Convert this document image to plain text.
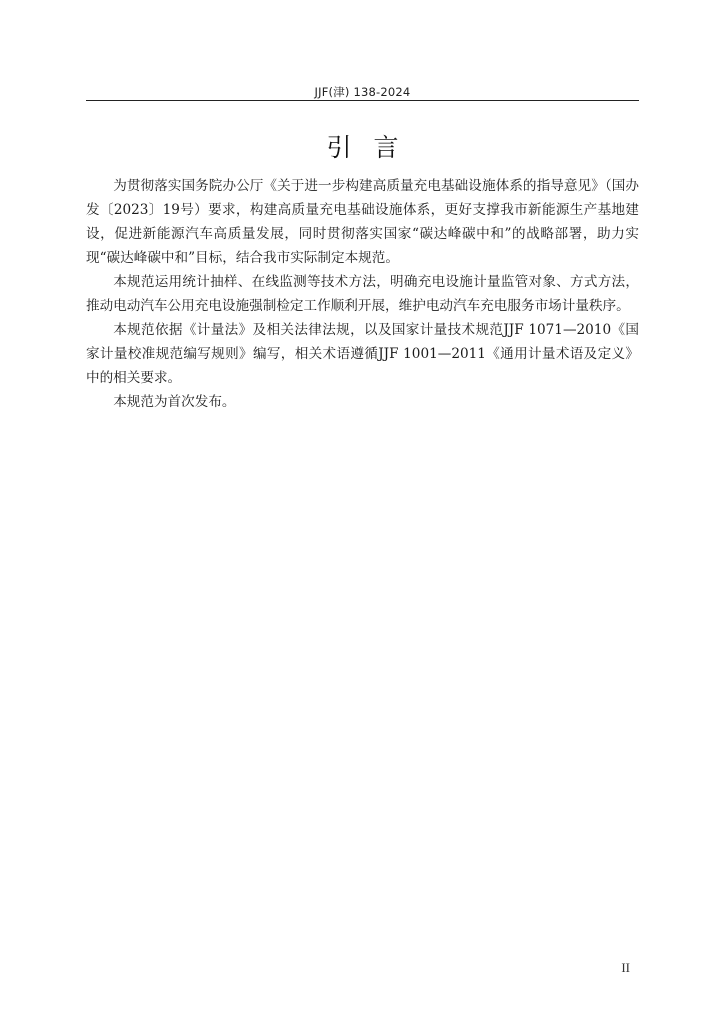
JJF(津) 138-2024
引言

为贯彻落实国务院办公厅《关于进一步构建高质量充电基础设施体系的指导意见》（国办发〔2023〕19号）要求，构建高质量充电基础设施体系，更好支撑我市新能源生产基地建设，促进新能源汽车高质量发展，同时贯彻落实国家“碳达峰碳中和”的战略部署，助力实现“碳达峰碳中和”目标，结合我市实际制定本规范。

本规范运用统计抽样、在线监测等技术方法，明确充电设施计量监管对象、方式方法，推动电动汽车公用充电设施强制检定工作顺利开展，维护电动汽车充电服务市场计量秩序。

本规范依据《计量法》及相关法律法规，以及国家计量技术规范JJF 1071—2010《国家计量校准规范编写规则》编写，相关术语遵循JJF 1001—2011《通用计量术语及定义》中的相关要求。

本规范为首次发布。

II
